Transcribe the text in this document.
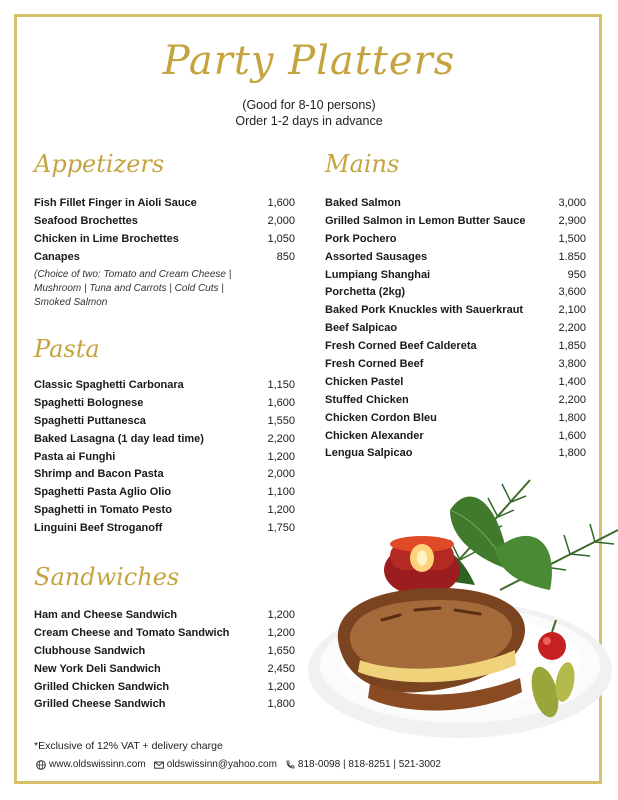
Party Platters
(Good for 8-10 persons)
Order 1-2 days in advance
Appetizers
Fish Fillet Finger in Aioli Sauce	1,600
Seafood Brochettes	2,000
Chicken in Lime Brochettes	1,050
Canapes	850
(Choice of two: Tomato and Cream Cheese | Mushroom | Tuna and Carrots | Cold Cuts | Smoked Salmon
Pasta
Classic Spaghetti Carbonara	1,150
Spaghetti Bolognese	1,600
Spaghetti Puttanesca	1,550
Baked Lasagna (1 day lead time)	2,200
Pasta ai Funghi	1,200
Shrimp and Bacon Pasta	2,000
Spaghetti Pasta Aglio Olio	1,100
Spaghetti in Tomato Pesto	1,200
Linguini Beef Stroganoff	1,750
Sandwiches
Ham and Cheese Sandwich	1,200
Cream Cheese and Tomato Sandwich	1,200
Clubhouse Sandwich	1,650
New York Deli Sandwich	2,450
Grilled Chicken Sandwich	1,200
Grilled Cheese Sandwich	1,800
Mains
Baked Salmon	3,000
Grilled Salmon in Lemon Butter Sauce	2,900
Pork Pochero	1,500
Assorted Sausages	1.850
Lumpiang Shanghai	950
Porchetta (2kg)	3,600
Baked Pork Knuckles with Sauerkraut	2,100
Beef Salpicao	2,200
Fresh Corned Beef Caldereta	1,850
Fresh Corned Beef	3,800
Chicken Pastel	1,400
Stuffed Chicken	2,200
Chicken Cordon Bleu	1,800
Chicken Alexander	1,600
Lengua Salpicao	1,800
*Exclusive of 12% VAT + delivery charge
www.oldswissinn.com oldswissinn@yahoo.com 818-0098 | 818-8251 | 521-3002
